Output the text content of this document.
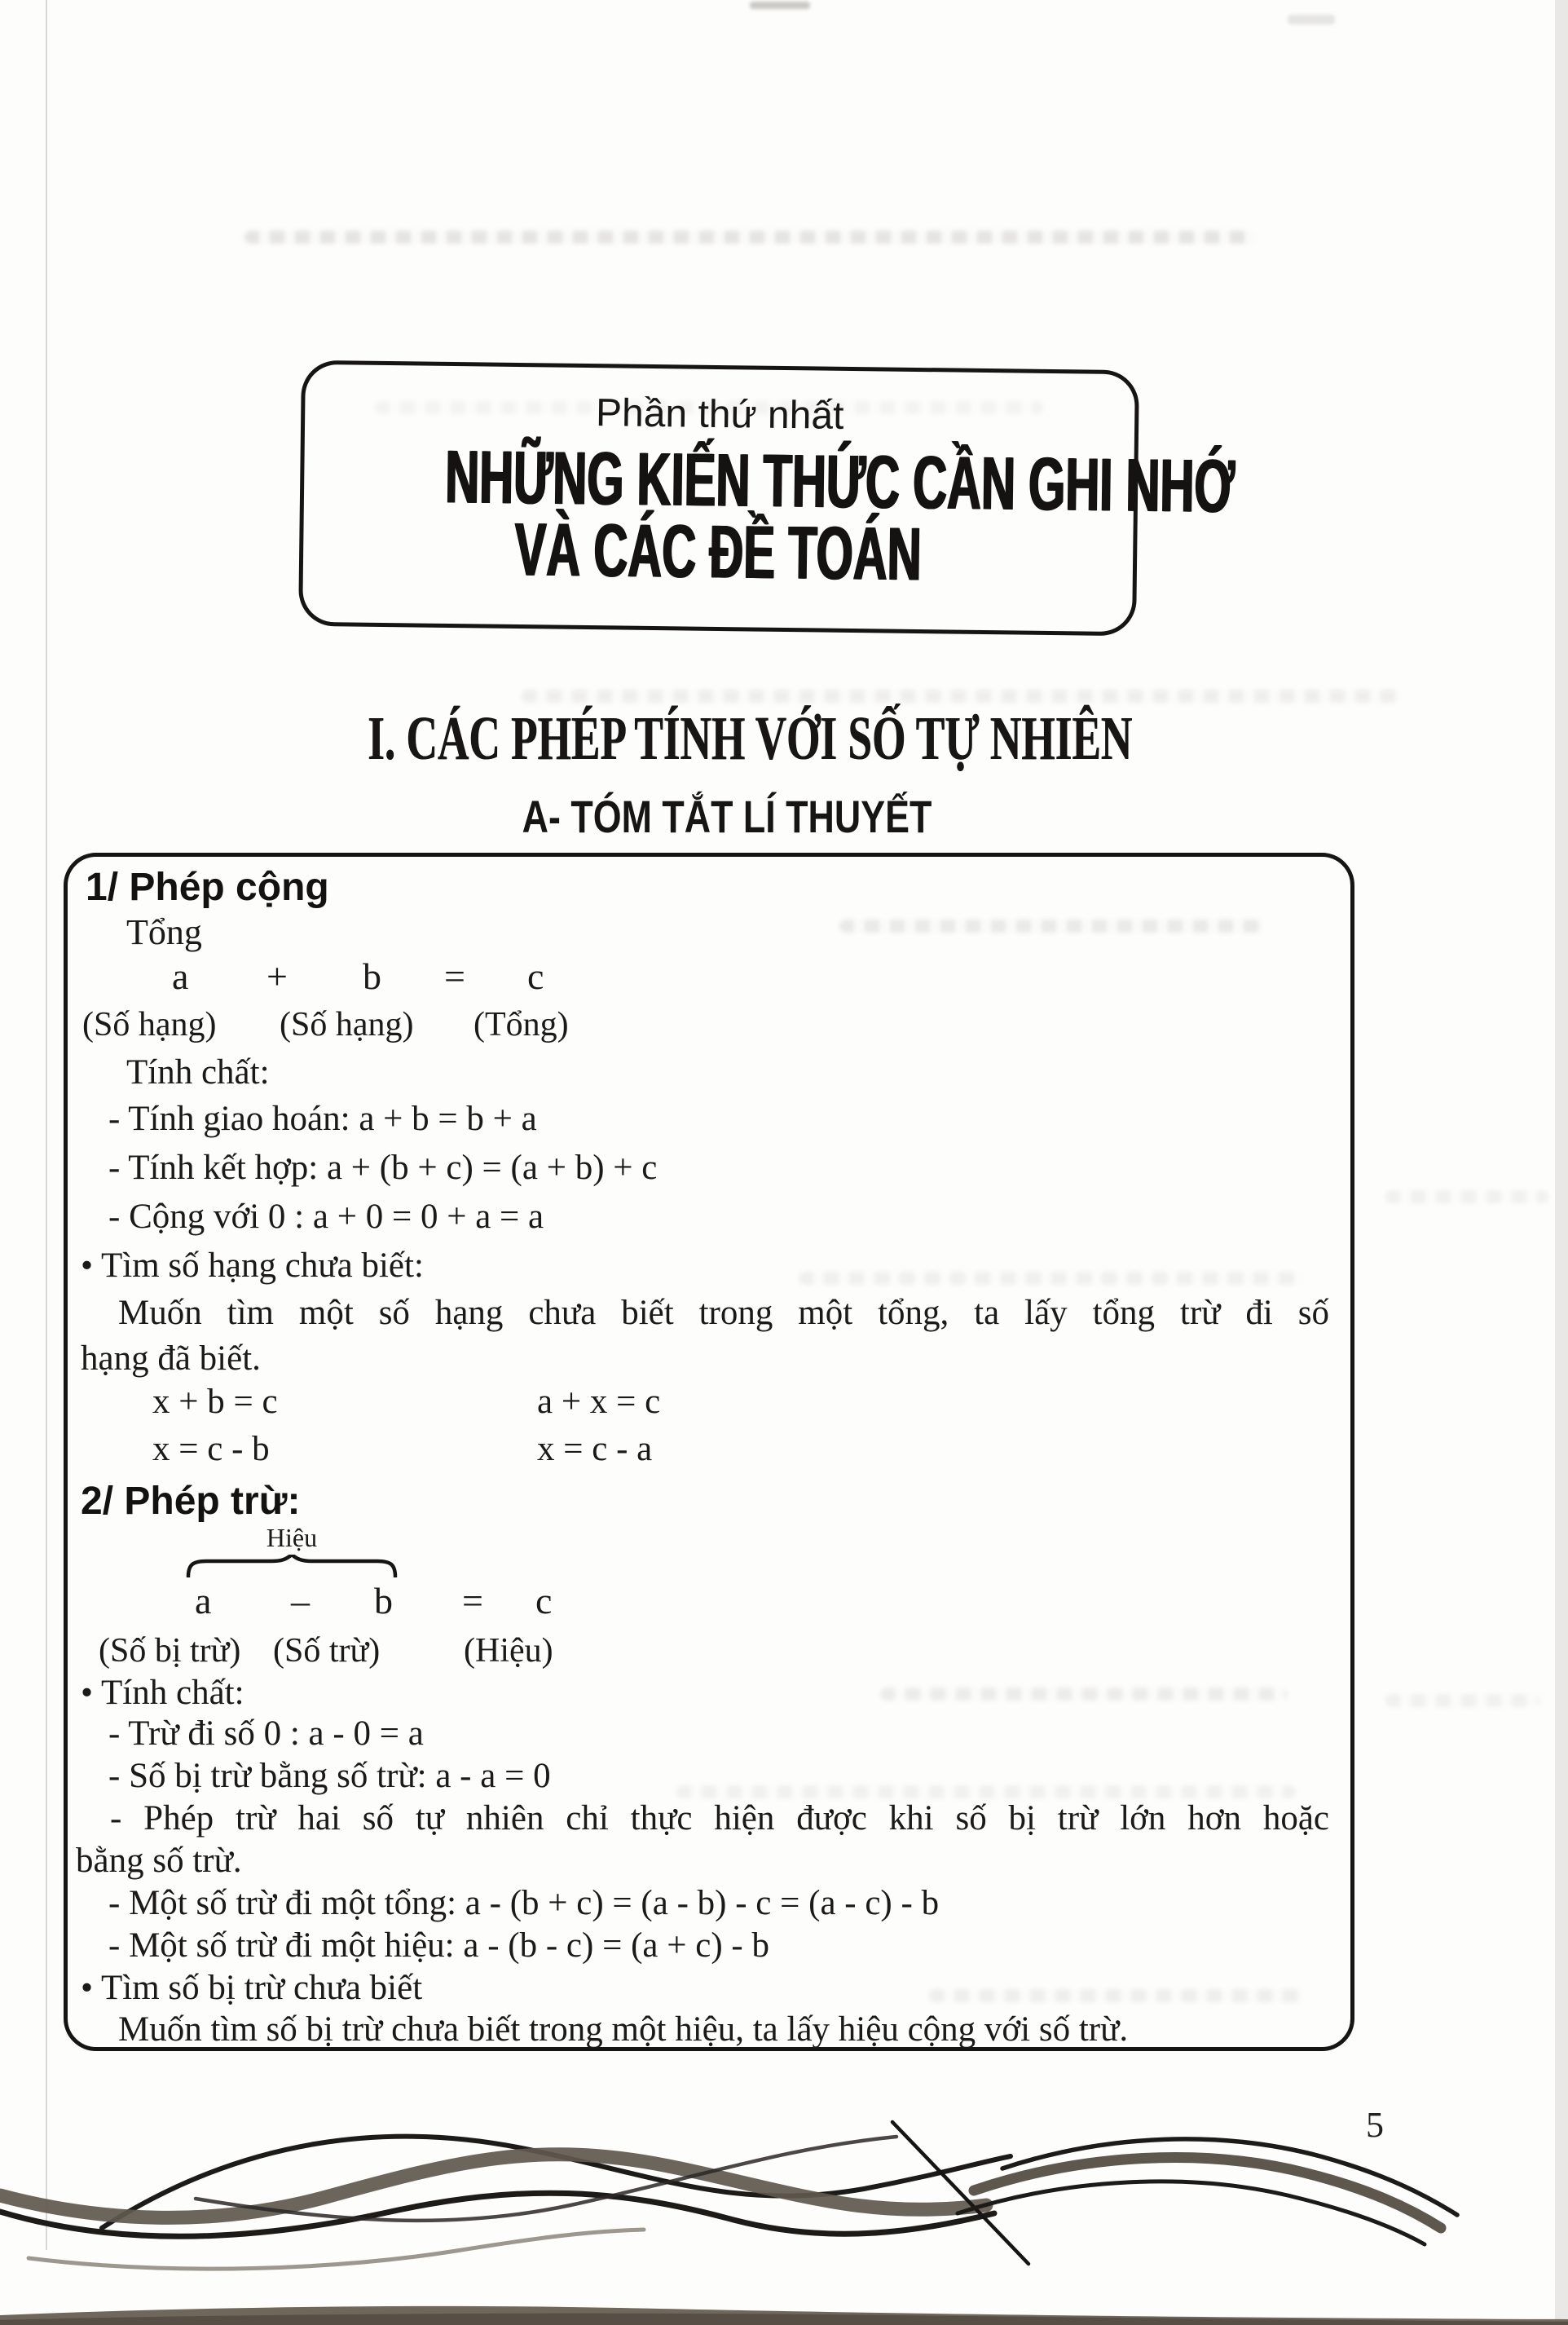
Phần thứ nhất
NHỮNG KIẾN THỨC CẦN GHI NHỚ
VÀ CÁC ĐỀ TOÁN
I. CÁC PHÉP TÍNH VỚI SỐ TỰ NHIÊN
A- TÓM TẮT LÍ THUYẾT
1/ Phép cộng
Tổng
a + b = c
(Số hạng) (Số hạng) (Tổng)
Tính chất:
- Tính giao hoán: a + b = b + a
- Tính kết hợp: a + (b + c) = (a + b) + c
- Cộng với 0 : a + 0 = 0 + a = a
• Tìm số hạng chưa biết:
Muốn tìm một số hạng chưa biết trong một tổng, ta lấy tổng trừ đi số
hạng đã biết.
x + b = c	a + x = c
x = c - b	x = c - a
2/ Phép trừ:
Hiệu
a – b = c
(Số bị trừ) (Số trừ) (Hiệu)
• Tính chất:
- Trừ đi số 0 : a - 0 = a
- Số bị trừ bằng số trừ: a - a = 0
- Phép trừ hai số tự nhiên chỉ thực hiện được khi số bị trừ lớn hơn hoặc
bằng số trừ.
- Một số trừ đi một tổng: a - (b + c) = (a - b) - c = (a - c) - b
- Một số trừ đi một hiệu: a - (b - c) = (a + c) - b
• Tìm số bị trừ chưa biết
Muốn tìm số bị trừ chưa biết trong một hiệu, ta lấy hiệu cộng với số trừ.
5
